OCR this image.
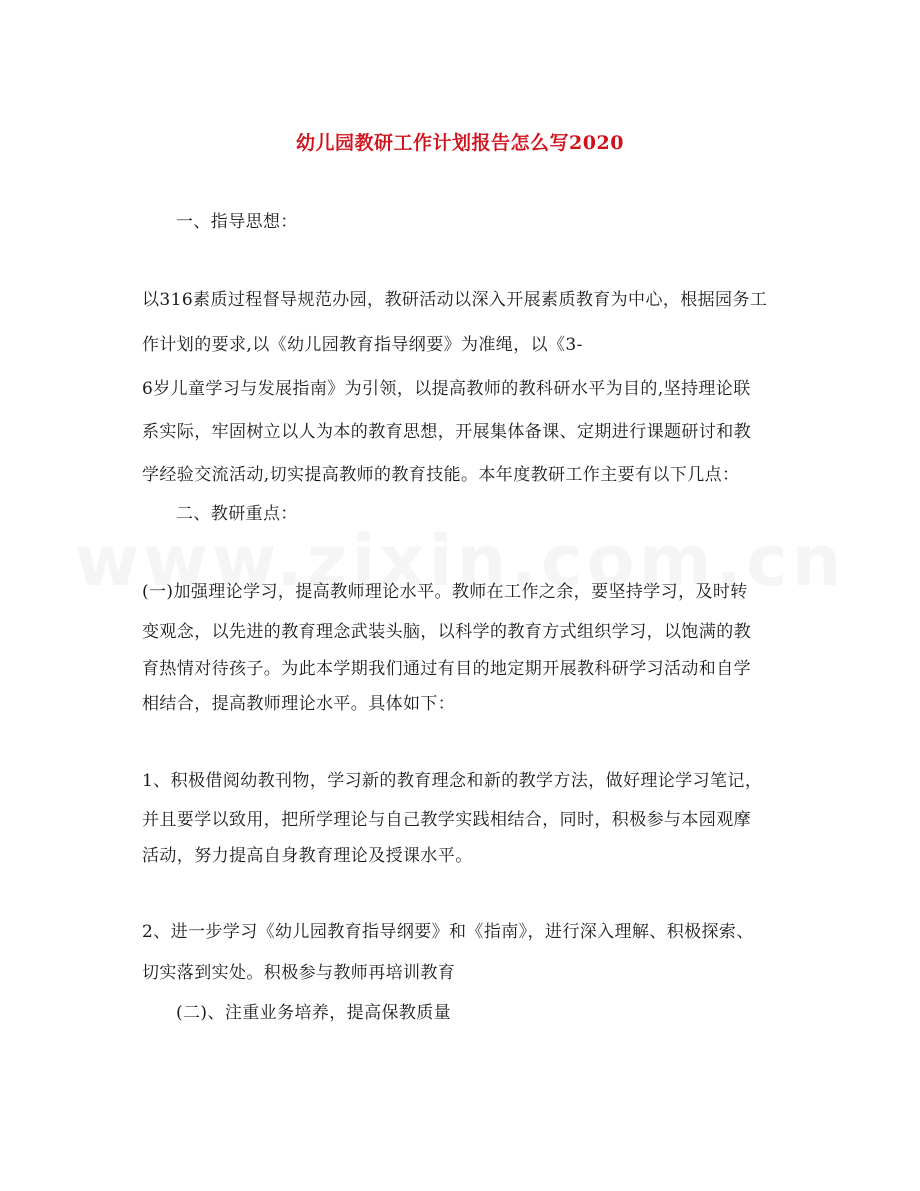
幼儿园教研工作计划报告怎么写2020
一、指导思想：
以316素质过程督导规范办园，教研活动以深入开展素质教育为中心，根据园务工
作计划的要求,以《幼儿园教育指导纲要》为准绳，以《3-
6岁儿童学习与发展指南》为引领，以提高教师的教科研水平为目的,坚持理论联
系实际，牢固树立以人为本的教育思想，开展集体备课、定期进行课题研讨和教
学经验交流活动,切实提高教师的教育技能。本年度教研工作主要有以下几点：
二、教研重点：
(一)加强理论学习，提高教师理论水平。教师在工作之余，要坚持学习，及时转
变观念，以先进的教育理念武装头脑，以科学的教育方式组织学习，以饱满的教
育热情对待孩子。为此本学期我们通过有目的地定期开展教科研学习活动和自学
相结合，提高教师理论水平。具体如下：
1、积极借阅幼教刊物，学习新的教育理念和新的教学方法，做好理论学习笔记，
并且要学以致用，把所学理论与自己教学实践相结合，同时，积极参与本园观摩
活动，努力提高自身教育理论及授课水平。
2、进一步学习《幼儿园教育指导纲要》和《指南》，进行深入理解、积极探索、
切实落到实处。积极参与教师再培训教育
(二)、注重业务培养，提高保教质量
